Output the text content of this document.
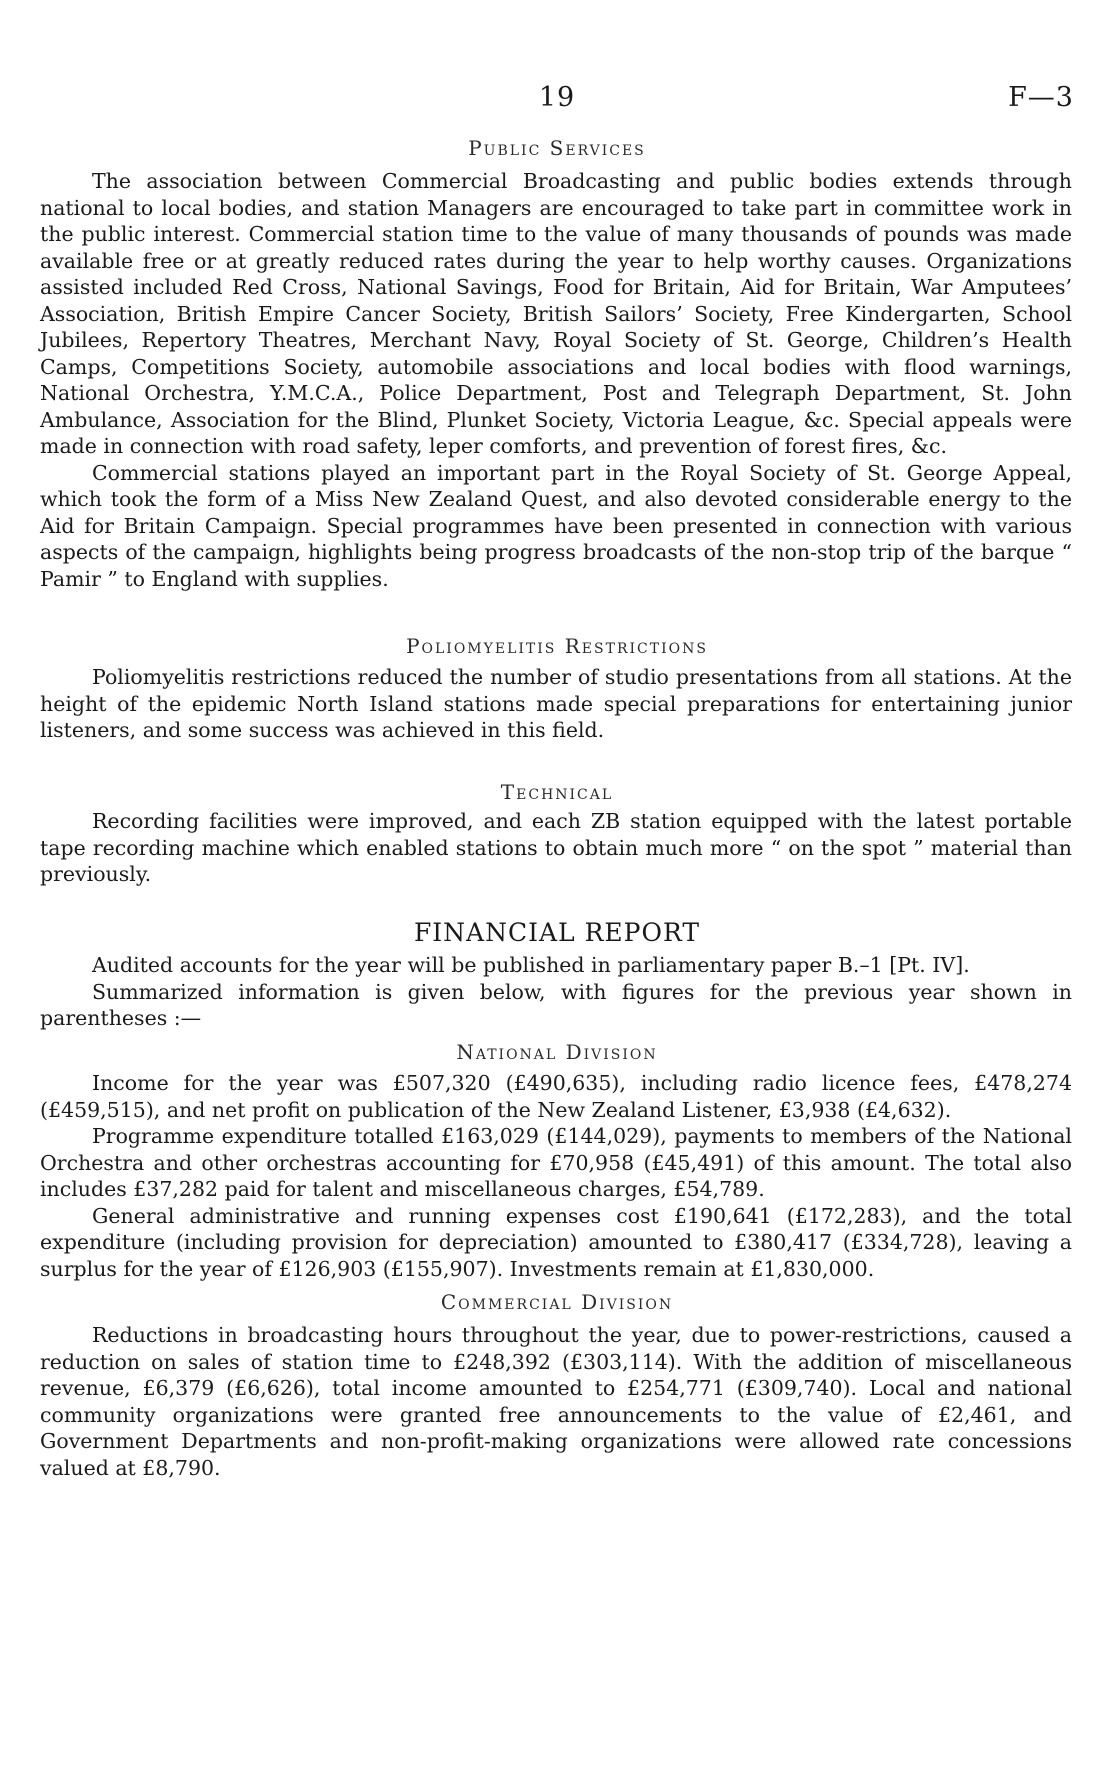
19	F—3
Public Services

The association between Commercial Broadcasting and public bodies extends through national to local bodies, and station Managers are encouraged to take part in committee work in the public interest. Commercial station time to the value of many thousands of pounds was made available free or at greatly reduced rates during the year to help worthy causes. Organizations assisted included Red Cross, National Savings, Food for Britain, Aid for Britain, War Amputees’ Association, British Empire Cancer Society, British Sailors’ Society, Free Kindergarten, School Jubilees, Repertory Theatres, Merchant Navy, Royal Society of St. George, Children’s Health Camps, Competitions Society, automobile associations and local bodies with flood warnings, National Orchestra, Y.M.C.A., Police Department, Post and Telegraph Department, St. John Ambulance, Association for the Blind, Plunket Society, Victoria League, &c. Special appeals were made in connection with road safety, leper comforts, and prevention of forest fires, &c.

Commercial stations played an important part in the Royal Society of St. George Appeal, which took the form of a Miss New Zealand Quest, and also devoted considerable energy to the Aid for Britain Campaign. Special programmes have been presented in connection with various aspects of the campaign, highlights being progress broadcasts of the non-stop trip of the barque “ Pamir ” to England with supplies.

Poliomyelitis Restrictions

Poliomyelitis restrictions reduced the number of studio presentations from all stations. At the height of the epidemic North Island stations made special preparations for entertaining junior listeners, and some success was achieved in this field.

Technical

Recording facilities were improved, and each ZB station equipped with the latest portable tape recording machine which enabled stations to obtain much more “ on the spot ” material than previously.

FINANCIAL REPORT

Audited accounts for the year will be published in parliamentary paper B.–1 [Pt. IV].

Summarized information is given below, with figures for the previous year shown in parentheses :—

National Division

Income for the year was £507,320 (£490,635), including radio licence fees, £478,274 (£459,515), and net profit on publication of the New Zealand Listener, £3,938 (£4,632).

Programme expenditure totalled £163,029 (£144,029), payments to members of the National Orchestra and other orchestras accounting for £70,958 (£45,491) of this amount. The total also includes £37,282 paid for talent and miscellaneous charges, £54,789.

General administrative and running expenses cost £190,641 (£172,283), and the total expenditure (including provision for depreciation) amounted to £380,417 (£334,728), leaving a surplus for the year of £126,903 (£155,907). Investments remain at £1,830,000.

Commercial Division

Reductions in broadcasting hours throughout the year, due to power-restrictions, caused a reduction on sales of station time to £248,392 (£303,114). With the addition of miscellaneous revenue, £6,379 (£6,626), total income amounted to £254,771 (£309,740). Local and national community organizations were granted free announcements to the value of £2,461, and Government Departments and non-profit-making organizations were allowed rate concessions valued at £8,790.
